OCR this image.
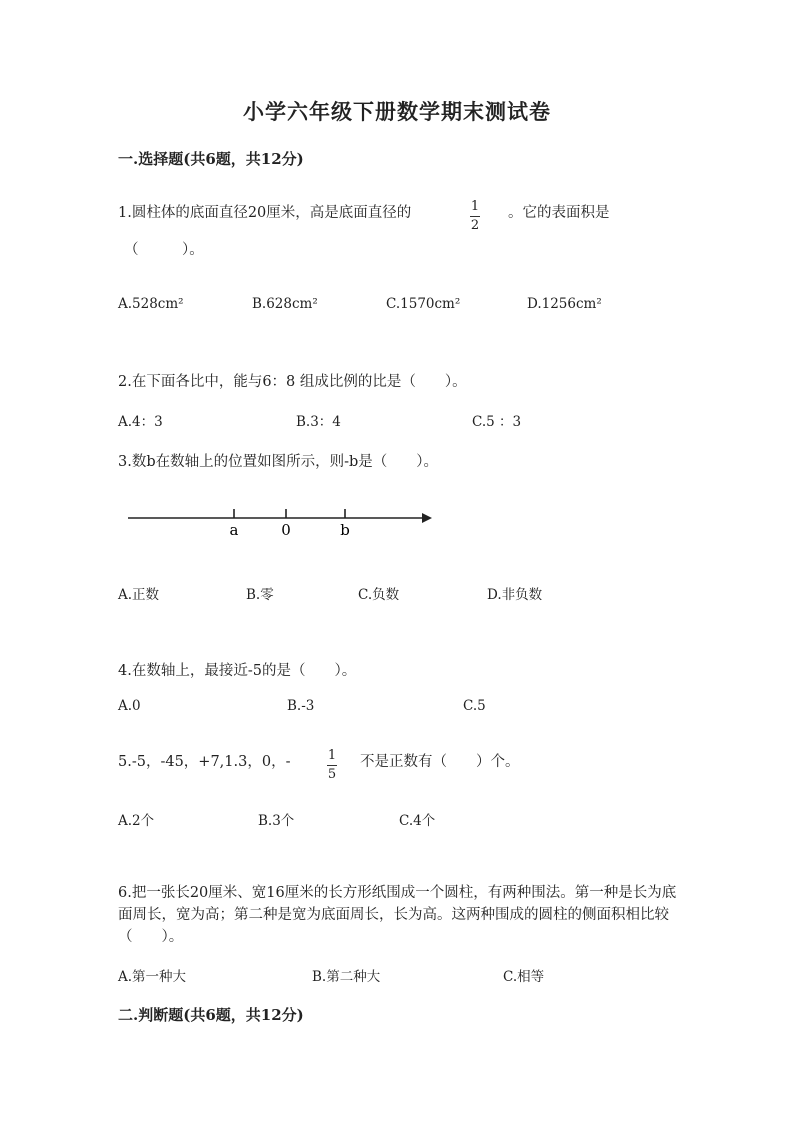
小学六年级下册数学期末测试卷
一.选择题(共6题，共12分)
1.圆柱体的底面直径20厘米，高是底面直径的	$\frac{1}{2}$ 。它的表面积是
（　　　）。
A.528cm²	B.628cm²	C.1570cm²	D.1256cm²
2.在下面各比中，能与6：8 组成比例的比是（　　）。
A.4：3	B.3：4	C.5 ：3
3.数b在数轴上的位置如图所示，则-b是（　　）。
a	0	b
A.正数	B.零	C.负数	D.非负数
4.在数轴上，最接近-5的是（　　）。
A.0	B.-3	C.5
5.-5，-45，+7,1.3，0，-	$\frac{1}{5}$ 不是正数有（　　）个。
A.2个	B.3个	C.4个
6.把一张长20厘米、宽16厘米的长方形纸围成一个圆柱，有两种围法。第一种是长为底面周长，宽为高；第二种是宽为底面周长，长为高。这两种围成的圆柱的侧面积相比较（　　）。
A.第一种大	B.第二种大	C.相等
二.判断题(共6题，共12分)
